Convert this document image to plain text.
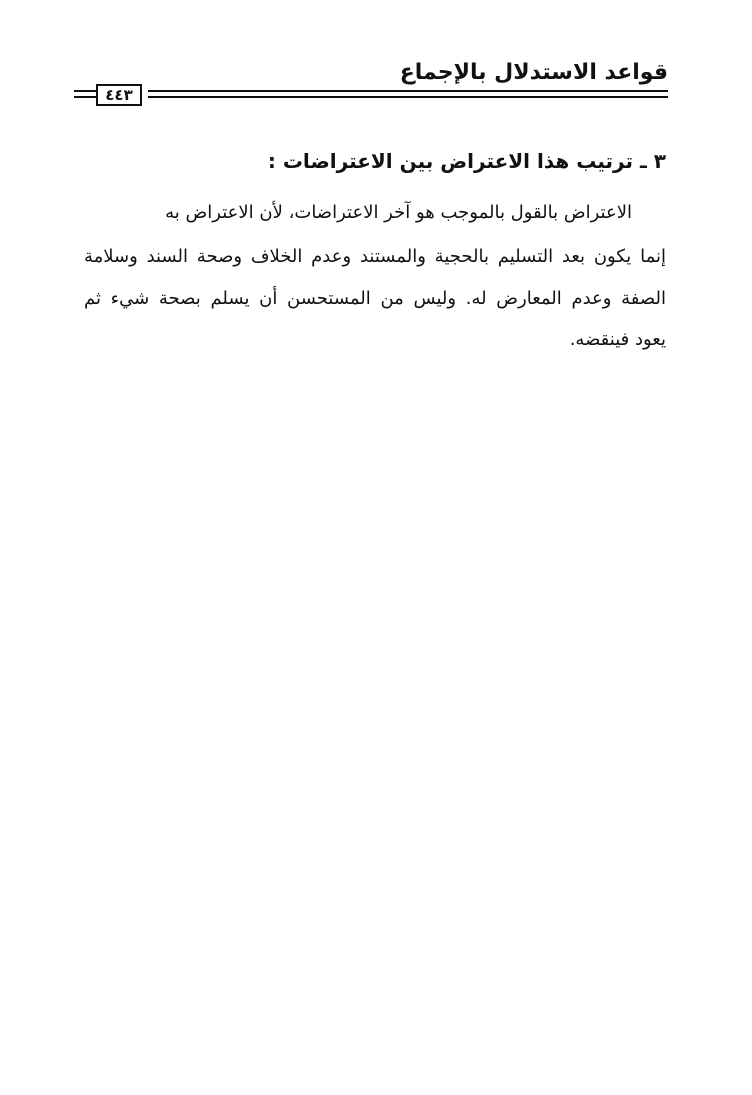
قواعد الاستدلال بالإجماع
٤٤٣
٣ ـ ترتيب هذا الاعتراض بين الاعتراضات :
الاعتراض بالقول بالموجب هو آخر الاعتراضات، لأن الاعتراض به
إنما يكون بعد التسليم بالحجية والمستند وعدم الخلاف وصحة السند وسلامة
الصفة وعدم المعارض له. وليس من المستحسن أن يسلم بصحة شيء ثم
يعود فينقضه.
